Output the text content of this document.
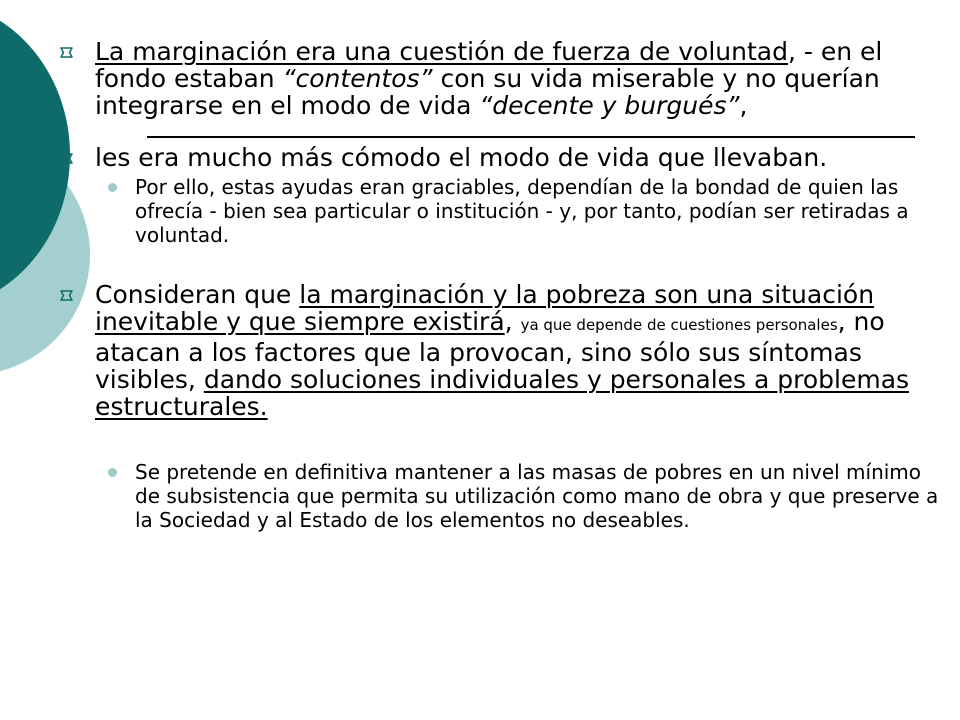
La marginación era una cuestión de fuerza de voluntad, - en el fondo estaban “contentos” con su vida miserable y no querían integrarse en el modo de vida “decente y burgués”,
les era mucho más cómodo el modo de vida que llevaban.
Por ello, estas ayudas eran graciables, dependían de la bondad de quien las ofrecía - bien sea particular o institución - y, por tanto, podían ser retiradas a voluntad.
Consideran que la marginación y la pobreza son una situación inevitable y que siempre existirá, ya que depende de cuestiones personales, no atacan a los factores que la provocan, sino sólo sus síntomas visibles, dando soluciones individuales y personales a problemas estructurales.
Se pretende en definitiva mantener a las masas de pobres en un nivel mínimo de subsistencia que permita su utilización como mano de obra y que preserve a la Sociedad y al Estado de los elementos no deseables.
